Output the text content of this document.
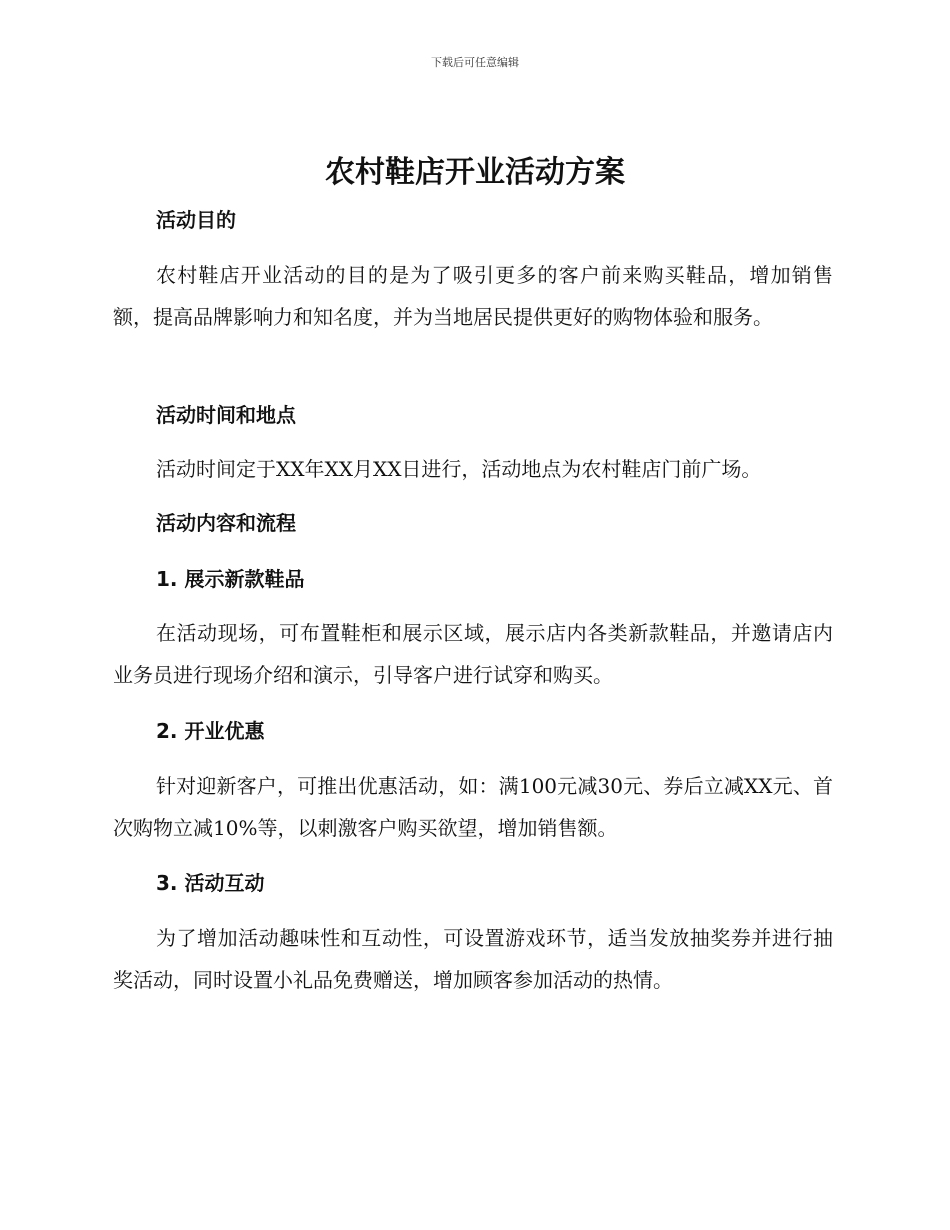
下载后可任意编辑
农村鞋店开业活动方案
活动目的

农村鞋店开业活动的目的是为了吸引更多的客户前来购买鞋品，增加销售额，提高品牌影响力和知名度，并为当地居民提供更好的购物体验和服务。

活动时间和地点

活动时间定于XX年XX月XX日进行，活动地点为农村鞋店门前广场。

活动内容和流程
1. 展示新款鞋品

在活动现场，可布置鞋柜和展示区域，展示店内各类新款鞋品，并邀请店内业务员进行现场介绍和演示，引导客户进行试穿和购买。

2. 开业优惠

针对迎新客户，可推出优惠活动，如：满100元减30元、券后立减XX元、首次购物立减10%等，以刺激客户购买欲望，增加销售额。

3. 活动互动

为了增加活动趣味性和互动性，可设置游戏环节，适当发放抽奖券并进行抽奖活动，同时设置小礼品免费赠送，增加顾客参加活动的热情。
